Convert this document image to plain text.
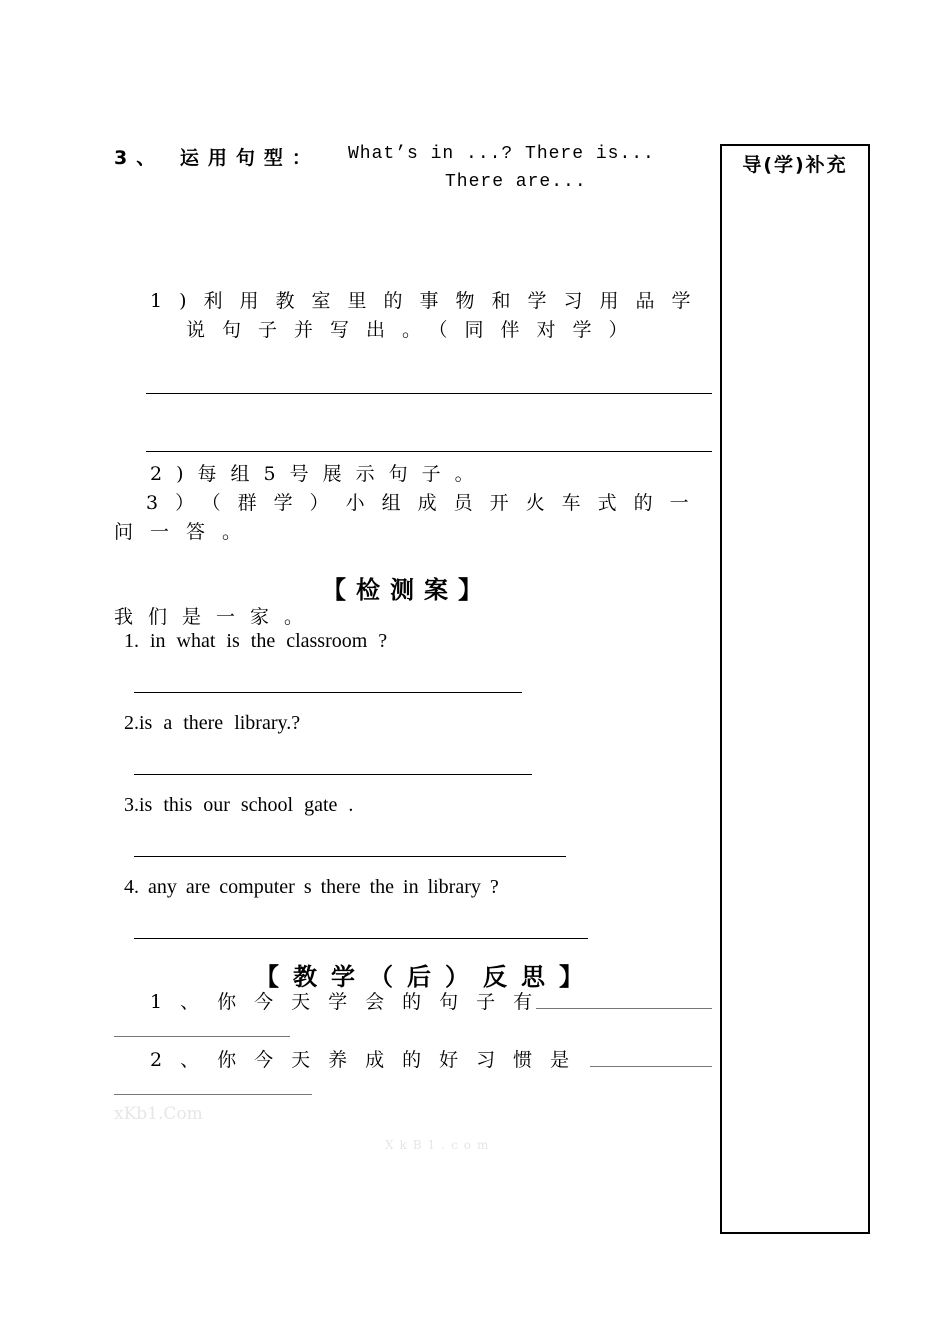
3、 运用句型： What’s in ...? There is...
There are...
1)利用教室里的事物和学习用品学
说句子并写出。（同伴对学）
2)每组5号展示句子。
3）（群学）小组成员开火车式的一
问一答。
【检测案】
我们是一家。
1. in what is the classroom ?
2.is a there library.?
3.is this our school gate .
4. any are computer s there the in library ?
【教学（后）反思】
1、你今天学会的句子有
2、你今天养成的好习惯是
xKb1.Com
XkB1.com
导(学)补充
